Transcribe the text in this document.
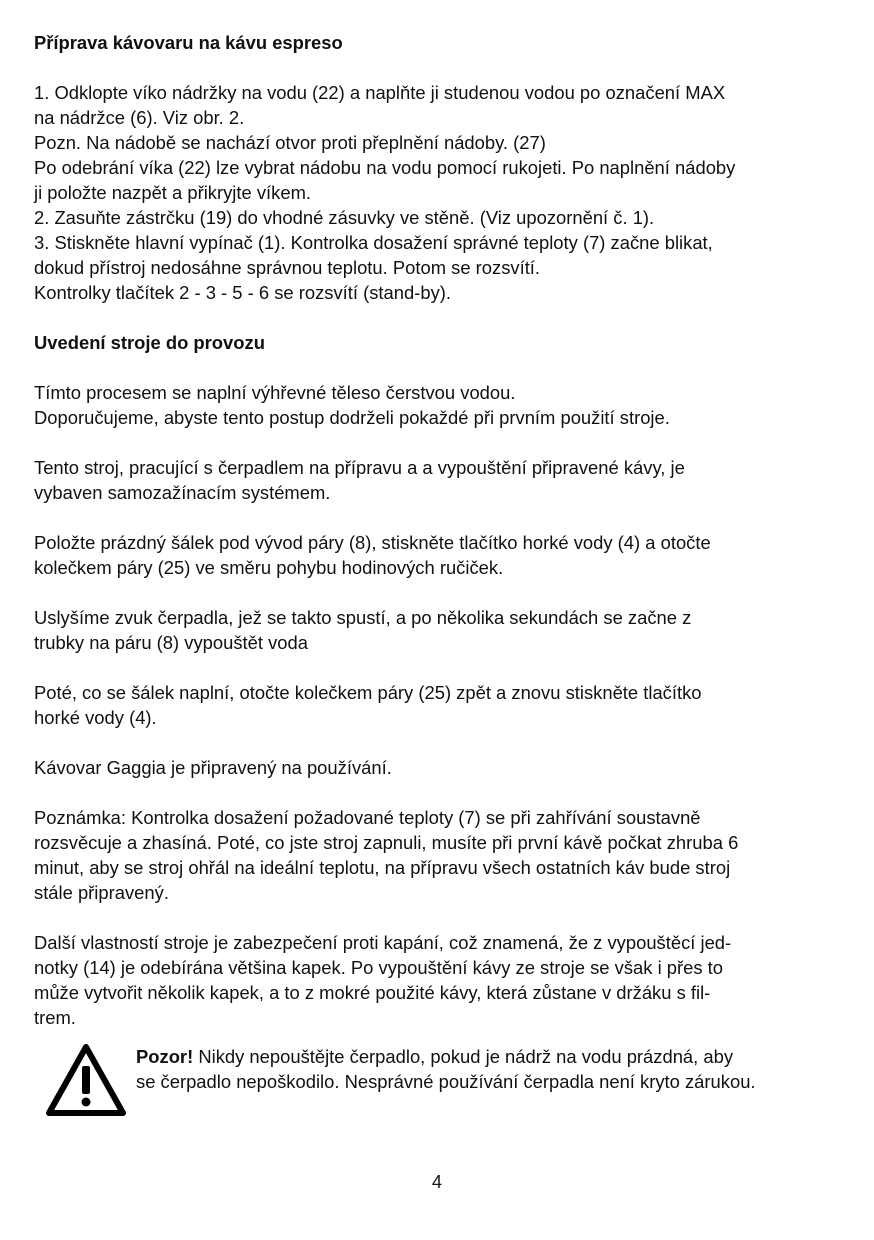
Příprava kávovaru na kávu espreso

1. Odklopte víko nádržky na vodu (22) a naplňte ji studenou vodou po označení MAX

na nádržce (6). Viz obr. 2.

Pozn. Na nádobě se nachází otvor proti přeplnění nádoby. (27)

Po odebrání víka (22) lze vybrat nádobu na vodu pomocí rukojeti. Po naplnění nádoby

ji položte nazpět a přikryjte víkem.

2. Zasuňte zástrčku (19) do vhodné zásuvky ve stěně. (Viz upozornění č. 1).

3. Stiskněte hlavní vypínač (1). Kontrolka dosažení správné teploty (7) začne blikat,

dokud přístroj nedosáhne správnou teplotu. Potom se rozsvítí.

Kontrolky tlačítek 2 - 3 - 5 - 6 se rozsvítí (stand-by).

Uvedení stroje do provozu

Tímto procesem se naplní výhřevné těleso čerstvou vodou.

Doporučujeme, abyste tento postup dodrželi pokaždé při prvním použití stroje.

Tento stroj, pracující s čerpadlem na přípravu a a vypouštění připravené kávy, je

vybaven samozažínacím systémem.

Položte prázdný šálek pod vývod páry (8), stiskněte tlačítko horké vody (4) a otočte

kolečkem páry (25) ve směru pohybu hodinových ručiček.

Uslyšíme zvuk čerpadla, jež se takto spustí, a po několika sekundách se začne z

trubky na páru (8) vypouštět voda

Poté, co se šálek naplní, otočte kolečkem páry (25) zpět a znovu stiskněte tlačítko

horké vody (4).

Kávovar Gaggia je připravený na používání.

Poznámka: Kontrolka dosažení požadované teploty (7) se při zahřívání soustavně

rozsvěcuje a zhasíná. Poté, co jste stroj zapnuli, musíte při první kávě počkat zhruba 6

minut, aby se stroj ohřál na ideální teplotu, na přípravu všech ostatních káv bude stroj

stále připravený.

Další vlastností stroje je zabezpečení proti kapání, což znamená, že z vypouštěcí jed-

notky (14) je odebírána většina kapek. Po vypouštění kávy ze stroje se však i přes to

může vytvořit několik kapek, a to z mokré použité kávy, která zůstane v držáku s fil-

trem.

Pozor! Nikdy nepouštějte čerpadlo, pokud je nádrž na vodu prázdná, aby

se čerpadlo nepoškodilo. Nesprávné používání čerpadla není kryto zárukou.

4
